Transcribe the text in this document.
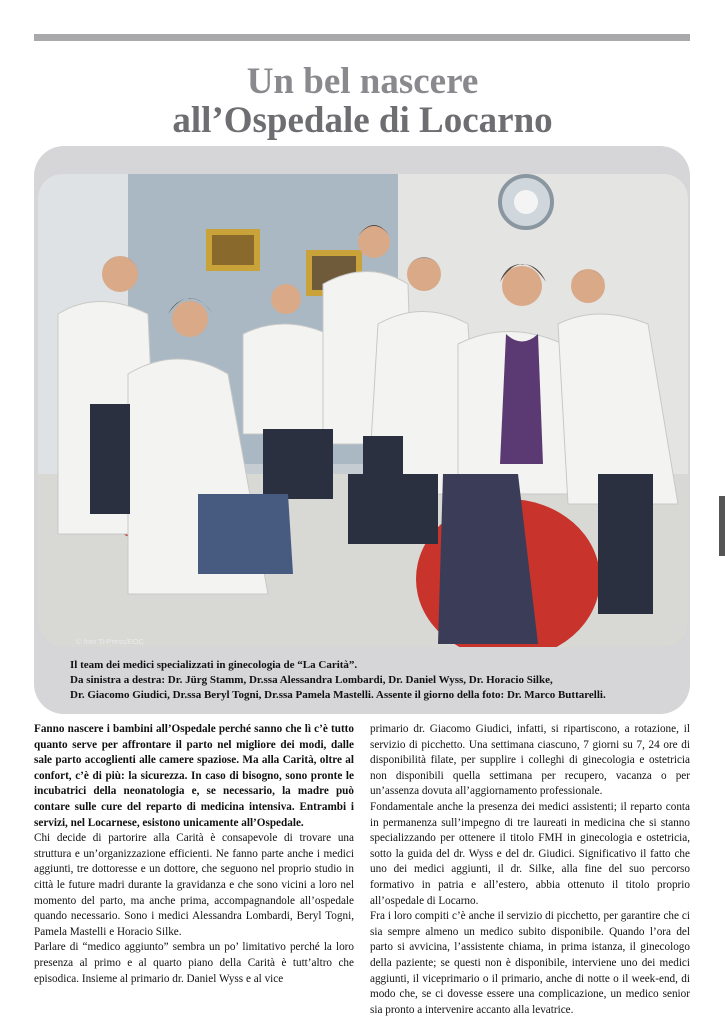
Un bel nascere
all’Ospedale di Locarno
© foto Ti-Press/EOC
Il team dei medici specializzati in ginecologia de “La Carità”.
Da sinistra a destra: Dr. Jürg Stamm, Dr.ssa Alessandra Lombardi, Dr. Daniel Wyss, Dr. Horacio Silke,
Dr. Giacomo Giudici, Dr.ssa Beryl Togni, Dr.ssa Pamela Mastelli. Assente il giorno della foto: Dr. Marco Buttarelli.

Fanno nascere i bambini all’Ospedale perché sanno che lì c’è tutto quanto serve per affrontare il parto nel migliore dei modi, dalle sale parto accoglienti alle camere spaziose. Ma alla Carità, oltre al confort, c’è di più: la sicurezza. In caso di bisogno, sono pronte le incubatrici della neonatologia e, se necessario, la madre può contare sulle cure del reparto di medicina intensiva. Entrambi i servizi, nel Locarnese, esistono unicamente all’Ospedale.

Chi decide di partorire alla Carità è consapevole di trovare una struttura e un’organizzazione efficienti. Ne fanno parte anche i medici aggiunti, tre dottoresse e un dottore, che seguono nel proprio studio in città le future madri durante la gravidanza e che sono vicini a loro nel momento del parto, ma anche prima, accompagnandole all’ospedale quando necessario. Sono i medici Alessandra Lombardi, Beryl Togni, Pamela Mastelli e Horacio Silke.

Parlare di “medico aggiunto” sembra un po’ limitativo perché la loro presenza al primo e al quarto piano della Carità è tutt’altro che episodica. Insieme al primario dr. Daniel Wyss e al vice

primario dr. Giacomo Giudici, infatti, si ripartiscono, a rotazione, il servizio di picchetto. Una settimana ciascuno, 7 giorni su 7, 24 ore di disponibilità filate, per supplire i colleghi di ginecologia e ostetricia non disponibili quella settimana per recupero, vacanza o per un’assenza dovuta all’aggiornamento professionale.

Fondamentale anche la presenza dei medici assistenti; il reparto conta in permanenza sull’impegno di tre laureati in medicina che si stanno specializzando per ottenere il titolo FMH in ginecologia e ostetricia, sotto la guida del dr. Wyss e del dr. Giudici. Significativo il fatto che uno dei medici aggiunti, il dr. Silke, alla fine del suo percorso formativo in patria e all’estero, abbia ottenuto il titolo proprio all’ospedale di Locarno.

Fra i loro compiti c’è anche il servizio di picchetto, per garantire che ci sia sempre almeno un medico subito disponibile. Quando l’ora del parto si avvicina, l’assistente chiama, in prima istanza, il ginecologo della paziente; se questi non è disponibile, interviene uno dei medici aggiunti, il viceprimario o il primario, anche di notte o il week-end, di modo che, se ci dovesse essere una complicazione, un medico senior sia pronto a intervenire accanto alla levatrice.
